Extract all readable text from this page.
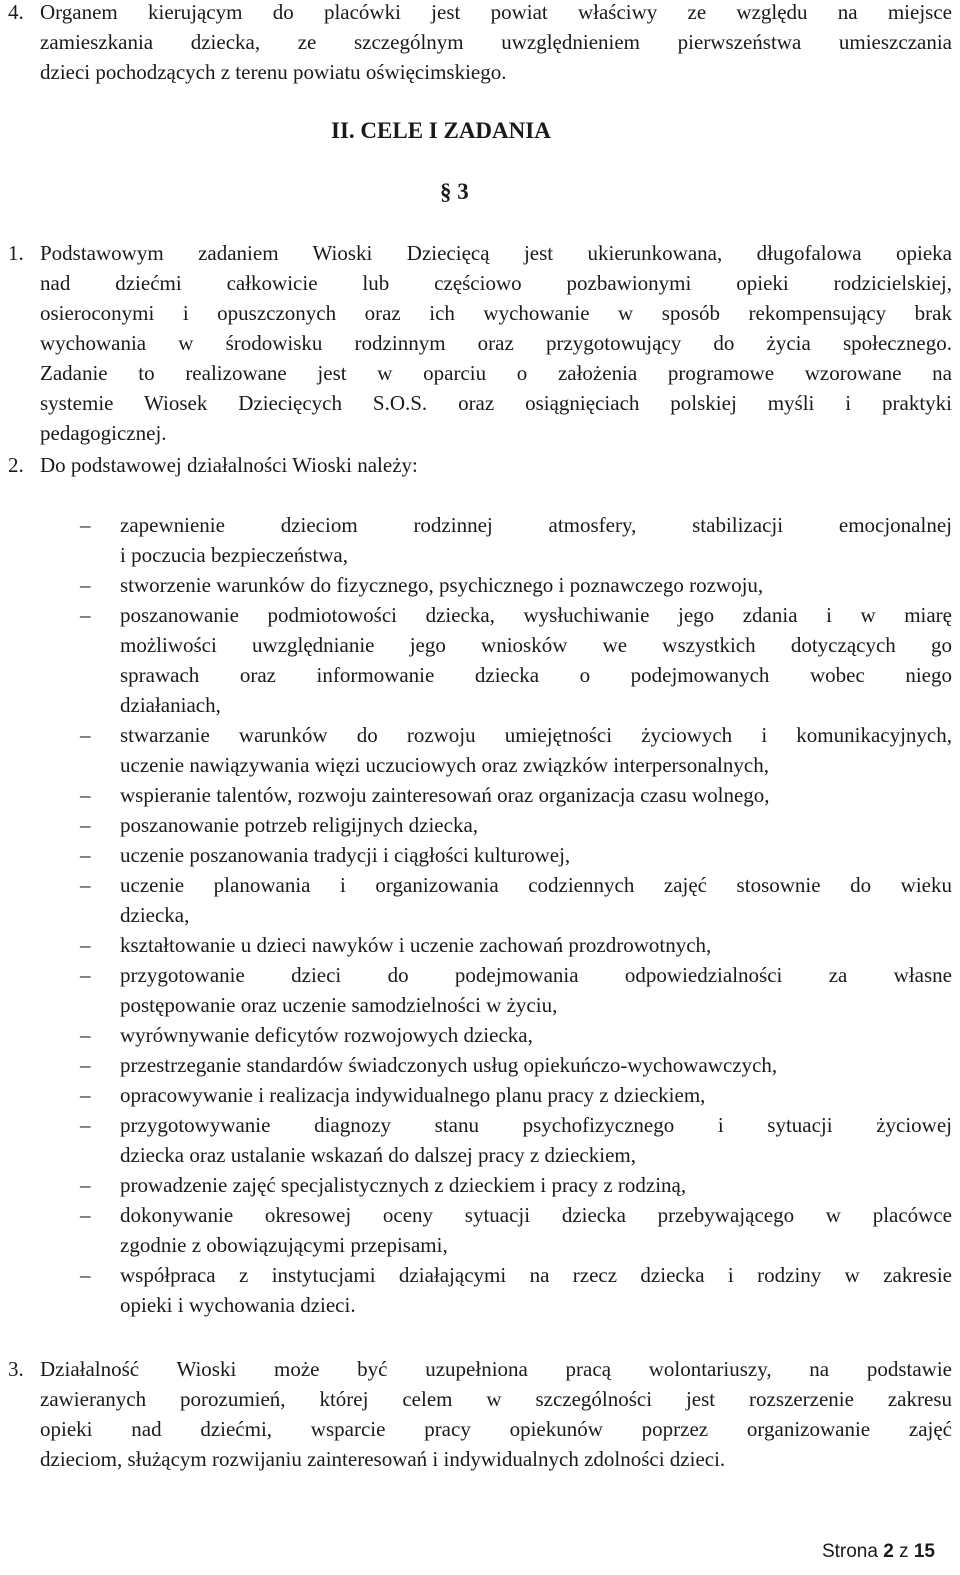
4. Organem kierującym do placówki jest powiat właściwy ze względu na miejsce
zamieszkania dziecka, ze szczególnym uwzględnieniem pierwszeństwa umieszczania
dzieci pochodzących z terenu powiatu oświęcimskiego.
II. CELE I ZADANIA
§ 3
1. Podstawowym zadaniem Wioski Dziecięcą jest ukierunkowana, długofalowa opieka
nad dziećmi całkowicie lub częściowo pozbawionymi opieki rodzicielskiej,
osieroconymi i opuszczonych oraz ich wychowanie w sposób rekompensujący brak
wychowania w środowisku rodzinnym oraz przygotowujący do życia społecznego.
Zadanie to realizowane jest w oparciu o założenia programowe wzorowane na
systemie Wiosek Dziecięcych S.O.S. oraz osiągnięciach polskiej myśli i praktyki
pedagogicznej.
2. Do podstawowej działalności Wioski należy:
– zapewnienie dzieciom rodzinnej atmosfery, stabilizacji emocjonalnej
i poczucia bezpieczeństwa,
– stworzenie warunków do fizycznego, psychicznego i poznawczego rozwoju,
– poszanowanie podmiotowości dziecka, wysłuchiwanie jego zdania i w miarę
możliwości uwzględnianie jego wniosków we wszystkich dotyczących go
sprawach oraz informowanie dziecka o podejmowanych wobec niego
działaniach,
– stwarzanie warunków do rozwoju umiejętności życiowych i komunikacyjnych,
uczenie nawiązywania więzi uczuciowych oraz związków interpersonalnych,
– wspieranie talentów, rozwoju zainteresowań oraz organizacja czasu wolnego,
– poszanowanie potrzeb religijnych dziecka,
– uczenie poszanowania tradycji i ciągłości kulturowej,
– uczenie planowania i organizowania codziennych zajęć stosownie do wieku
dziecka,
– kształtowanie u dzieci nawyków i uczenie zachowań prozdrowotnych,
– przygotowanie dzieci do podejmowania odpowiedzialności za własne
postępowanie oraz uczenie samodzielności w życiu,
– wyrównywanie deficytów rozwojowych dziecka,
– przestrzeganie standardów świadczonych usług opiekuńczo-wychowawczych,
– opracowywanie i realizacja indywidualnego planu pracy z dzieckiem,
– przygotowywanie diagnozy stanu psychofizycznego i sytuacji życiowej
dziecka oraz ustalanie wskazań do dalszej pracy z dzieckiem,
– prowadzenie zajęć specjalistycznych z dzieckiem i pracy z rodziną,
– dokonywanie okresowej oceny sytuacji dziecka przebywającego w placówce
zgodnie z obowiązującymi przepisami,
– współpraca z instytucjami działającymi na rzecz dziecka i rodziny w zakresie
opieki i wychowania dzieci.
3. Działalność Wioski może być uzupełniona pracą wolontariuszy, na podstawie
zawieranych porozumień, której celem w szczególności jest rozszerzenie zakresu
opieki nad dziećmi, wsparcie pracy opiekunów poprzez organizowanie zajęć
dzieciom, służącym rozwijaniu zainteresowań i indywidualnych zdolności dzieci.
Strona 2 z 15
